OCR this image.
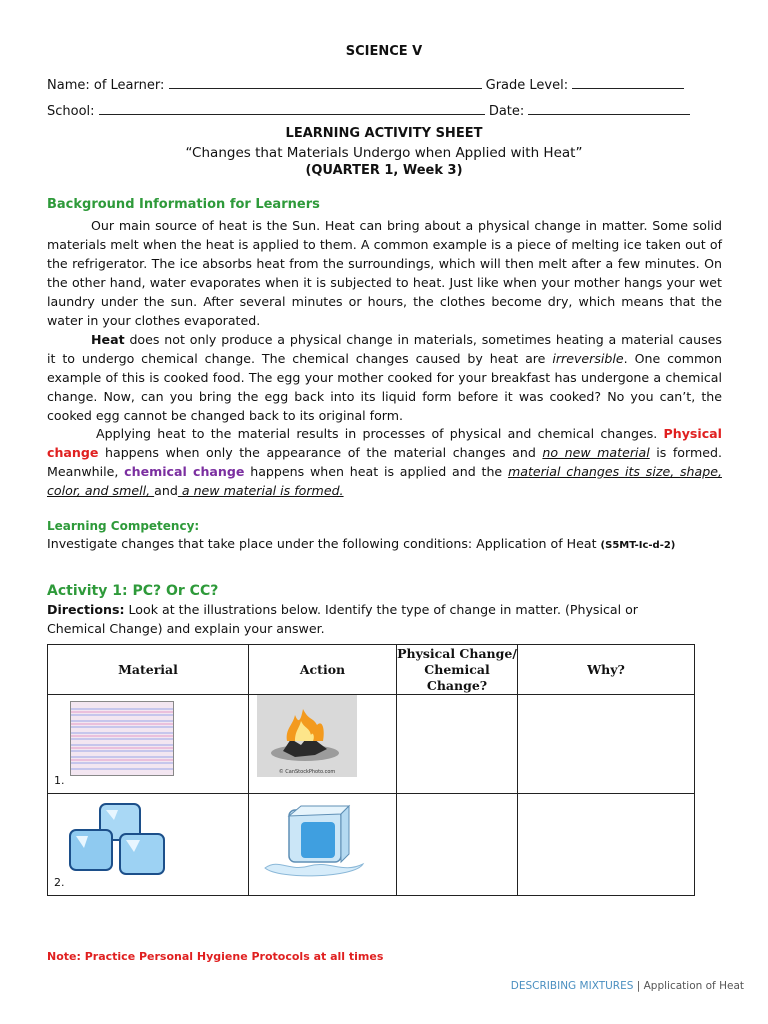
SCIENCE V
Name: of Learner:	Grade Level:
School:	Date:
LEARNING ACTIVITY SHEET
“Changes that Materials Undergo when Applied with Heat”
(QUARTER 1, Week 3)
Background Information for Learners
Our main source of heat is the Sun. Heat can bring about a physical change in matter. Some solid materials melt when the heat is applied to them. A common example is a piece of melting ice taken out of the refrigerator. The ice absorbs heat from the surroundings, which will then melt after a few minutes. On the other hand, water evaporates when it is subjected to heat. Just like when your mother hangs your wet laundry under the sun. After several minutes or hours, the clothes become dry, which means that the water in your clothes evaporated.
Heat does not only produce a physical change in materials, sometimes heating a material causes it to undergo chemical change. The chemical changes caused by heat are irreversible. One common example of this is cooked food. The egg your mother cooked for your breakfast has undergone a chemical change. Now, can you bring the egg back into its liquid form before it was cooked? No you can’t, the cooked egg cannot be changed back to its original form.
Applying heat to the material results in processes of physical and chemical changes. Physical change happens when only the appearance of the material changes and no new material is formed. Meanwhile, chemical change happens when heat is applied and the material changes its size, shape, color, and smell, and a new material is formed.
Learning Competency:
Investigate changes that take place under the following conditions: Application of Heat (S5MT-Ic-d-2)
Activity 1: PC? Or CC?
Directions: Look at the illustrations below. Identify the type of change in matter. (Physical or Chemical Change) and explain your answer.
Material	Action	Physical Change/ Chemical Change?	Why?

1.	© CanStockPhoto.com		

2.

Note: Practice Personal Hygiene Protocols at all times
DESCRIBING MIXTURES | Application of Heat
